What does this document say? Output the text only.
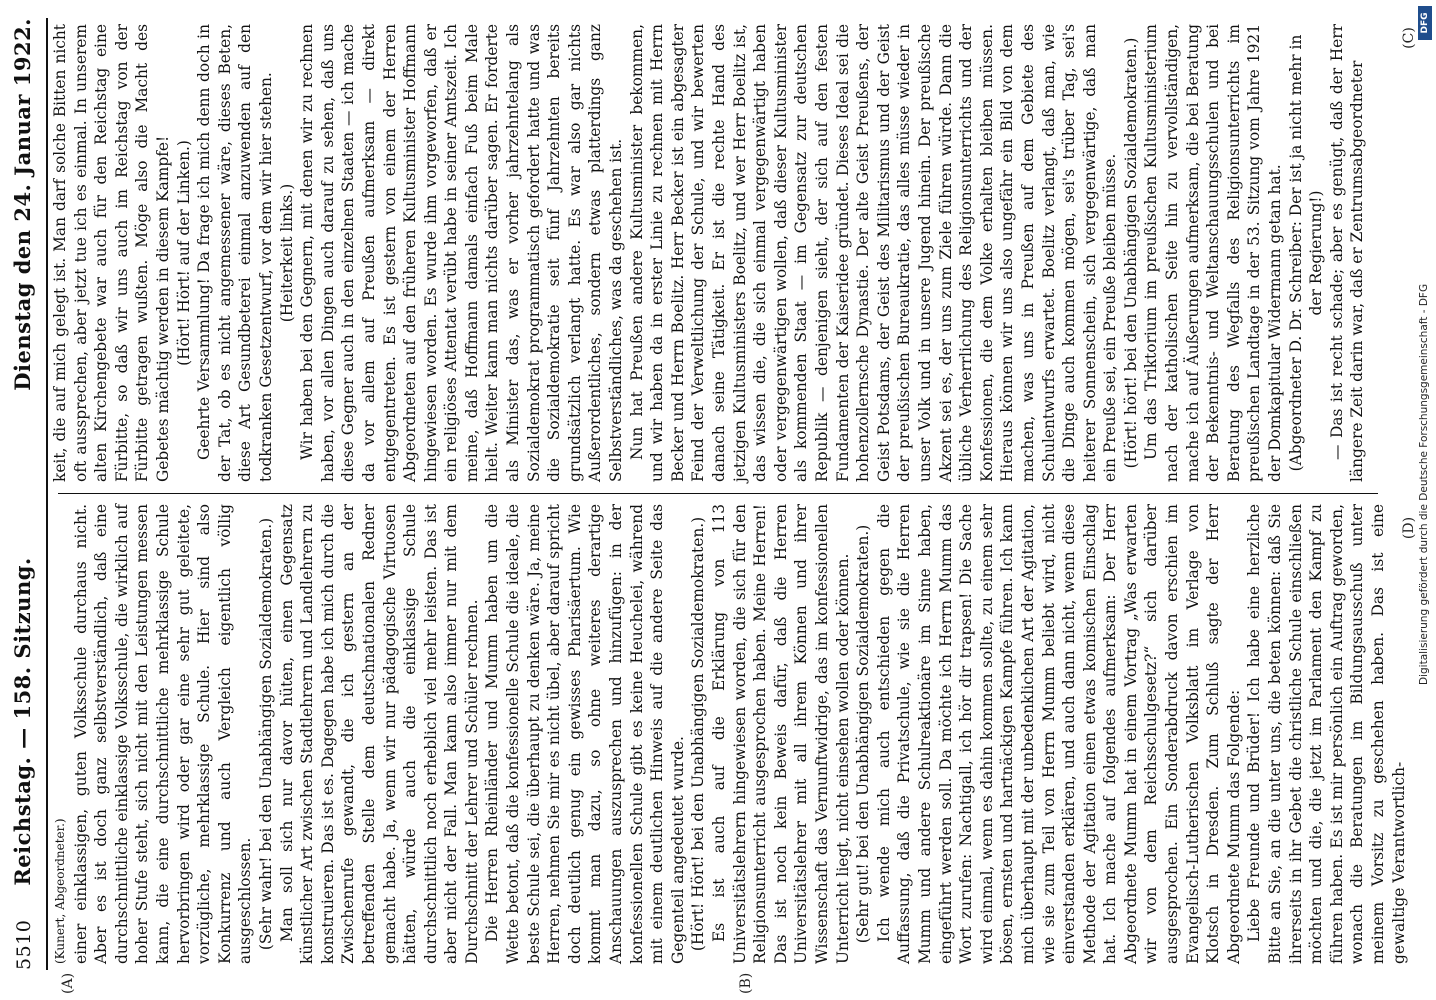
5510
Reichstag. — 158. Sitzung.
Dienstag den 24. Januar 1922.

(Kunert, Abgeordneter.) einer einklassigen, guten Volksschule durchaus nicht. Aber es ist doch ganz selbstverständlich, daß eine durchschnittliche einklassige Volksschule, die wirklich auf hoher Stufe steht, sich nicht mit den Leistungen messen kann, die eine durchschnittliche mehrklassige Schule hervorbringen wird oder gar eine sehr gut geleitete, vorzügliche, mehrklassige Schule. Hier sind also Konkurrenz und auch Vergleich eigentlich völlig ausgeschlossen. (Sehr wahr! bei den Unabhängigen Sozialdemokraten.) Man soll sich nur davor hüten, einen Gegensatz künstlicher Art zwischen Stadtlehrern und Landlehrern zu konstruieren. Das ist es. Dagegen habe ich mich durch die Zwischenrufe gewandt, die ich gestern an der betreffenden Stelle dem deutschnationalen Redner gemacht habe. Ja, wenn wir nur pädagogische Virtuosen hätten, würde auch die einklassige Schule durchschnittlich noch erheblich viel mehr leisten. Das ist aber nicht der Fall. Man kann also immer nur mit dem Durchschnitt der Lehrer und Schüler rechnen. Die Herren Rheinländer und Mumm haben um die Wette betont, daß die konfessionelle Schule die ideale, die beste Schule sei, die überhaupt zu denken wäre. Ja, meine Herren, nehmen Sie mir es nicht übel, aber darauf spricht doch deutlich genug ein gewisses Pharisäertum. Wie kommt man dazu, so ohne weiteres derartige Anschauungen auszusprechen und hinzufügen: in der konfessionellen Schule gibt es keine Heuchelei, während mit einem deutlichen Hinweis auf die andere Seite das Gegenteil angedeutet wurde. (Hört! Hört! bei den Unabhängigen Sozialdemokraten.) Es ist auch auf die Erklärung von 113 Universitätslehrern hingewiesen worden, die sich für den Religionsunterricht ausgesprochen haben. Meine Herren! Das ist noch kein Beweis dafür, daß die Herren Universitätslehrer mit all ihrem Können und ihrer Wissenschaft das Vernunftwidrige, das im konfessionellen Unterricht liegt, nicht einsehen wollen oder können. (Sehr gut! bei den Unabhängigen Sozialdemokraten.) Ich wende mich auch entschieden gegen die Auffassung, daß die Privatschule, wie sie die Herren Mumm und andere Schulreaktionäre im Sinne haben, eingeführt werden soll. Da möchte ich Herrn Mumm das Wort zurufen: Nachtigall, ich hör dir trapsen! Die Sache wird einmal, wenn es dahin kommen sollte, zu einem sehr bösen, ernsten und hartnäckigen Kampfe führen. Ich kann mich überhaupt mit der unbedenklichen Art der Agitation, wie sie zum Teil von Herrn Mumm beliebt wird, nicht einverstanden erklären, und auch dann nicht, wenn diese Methode der Agitation einen etwas komischen Einschlag hat. Ich mache auf folgendes aufmerksam: Der Herr Abgeordnete Mumm hat in einem Vortrag „Was erwarten wir von dem Reichsschulgesetz?“ sich darüber ausgesprochen. Ein Sonderabdruck davon erschien im Evangelisch-Lutherischen Volksblatt im Verlage von Klotsch in Dresden. Zum Schluß sagte der Herr Abgeordnete Mumm das Folgende: Liebe Freunde und Brüder! Ich habe eine herzliche Bitte an Sie, an die unter uns, die beten können: daß Sie ihrerseits in ihr Gebet die christliche Schule einschließen möchten und die, die jetzt im Parlament den Kampf zu führen haben. Es ist mir persönlich ein Auftrag geworden, wonach die Beratungen im Bildungsausschuß unter meinem Vorsitz zu geschehen haben. Das ist eine gewaltige Verantwortlich-

keit, die auf mich gelegt ist. Man darf solche Bitten nicht oft aussprechen, aber jetzt tue ich es einmal. In unserem alten Kirchengebete war auch für den Reichstag eine Fürbitte, so daß wir uns auch im Reichstag von der Fürbitte getragen wußten. Möge also die Macht des Gebetes mächtig werden in diesem Kampfe! (Hört! Hört! auf der Linken.) Geehrte Versammlung! Da frage ich mich denn doch in der Tat, ob es nicht angemessener wäre, dieses Beten, diese Art Gesundbeterei einmal anzuwenden auf den todkranken Gesetzentwurf, vor dem wir hier stehen. (Heiterkeit links.) Wir haben bei den Gegnern, mit denen wir zu rechnen haben, vor allen Dingen auch darauf zu sehen, daß uns diese Gegner auch in den einzelnen Staaten — ich mache da vor allem auf Preußen aufmerksam — direkt entgegentreten. Es ist gestern von einem der Herren Abgeordneten auf den früheren Kultusminister Hoffmann hingewiesen worden. Es wurde ihm vorgeworfen, daß er ein religiöses Attentat verübt habe in seiner Amtszeit. Ich meine, daß Hoffmann damals einfach Fuß beim Male hielt. Weiter kann man nichts darüber sagen. Er forderte als Minister das, was er vorher jahrzehntelang als Sozialdemokrat programmatisch gefordert hatte und was die Sozialdemokratie seit fünf Jahrzehnten bereits grundsätzlich verlangt hatte. Es war also gar nichts Außerordentliches, sondern etwas platterdings ganz Selbstverständliches, was da geschehen ist. Nun hat Preußen andere Kultusminister bekommen, und wir haben da in erster Linie zu rechnen mit Herrn Becker und Herrn Boelitz. Herr Becker ist ein abgesagter Feind der Verweltlichung der Schule, und wir bewerten danach seine Tätigkeit. Er ist die rechte Hand des jetzigen Kultusministers Boelitz, und wer Herr Boelitz ist, das wissen die, die sich einmal vergegenwärtigt haben oder vergegenwärtigen wollen, daß dieser Kultusminister als kommenden Staat — im Gegensatz zur deutschen Republik — denjenigen sieht, der sich auf den festen Fundamenten der Kaiseridee gründet. Dieses Ideal sei die hohenzollernsche Dynastie. Der alte Geist Preußens, der Geist Potsdams, der Geist des Militarismus und der Geist der preußischen Bureaukratie, das alles müsse wieder in unser Volk und in unsere Jugend hinein. Der preußische Akzent sei es, der uns zum Ziele führen würde. Dann die übliche Verherrlichung des Religionsunterrichts und der Konfessionen, die dem Volke erhalten bleiben müssen. Hieraus können wir uns also ungefähr ein Bild von dem machen, was uns in Preußen auf dem Gebiete des Schulentwurfs erwartet. Boelitz verlangt, daß man, wie die Dinge auch kommen mögen, sei's trüber Tag, sei's heiterer Sonnenschein, sich vergegenwärtige, daß man ein Preuße sei, ein Preuße bleiben müsse. (Hört! hört! bei den Unabhängigen Sozialdemokraten.) Um das Triktorium im preußischen Kultusministerium nach der katholischen Seite hin zu vervollständigen, mache ich auf Äußerungen aufmerksam, die bei Beratung der Bekenntnis- und Weltanschauungsschulen und bei Beratung des Wegfalls des Religionsunterrichts im preußischen Landtage in der 53. Sitzung vom Jahre 1921 der Domkapitular Widermann getan hat. (Abgeordneter D. Dr. Schreiber: Der ist ja nicht mehr in der Regierung!) — Das ist recht schade; aber es genügt, daß der Herr längere Zeit darin war, daß er Zentrumsabgeordneter

(A)	(B)
(C)
(D) Digitalisierung gefördert durch die Deutsche Forschungsgemeinschaft - DFG
DFG
